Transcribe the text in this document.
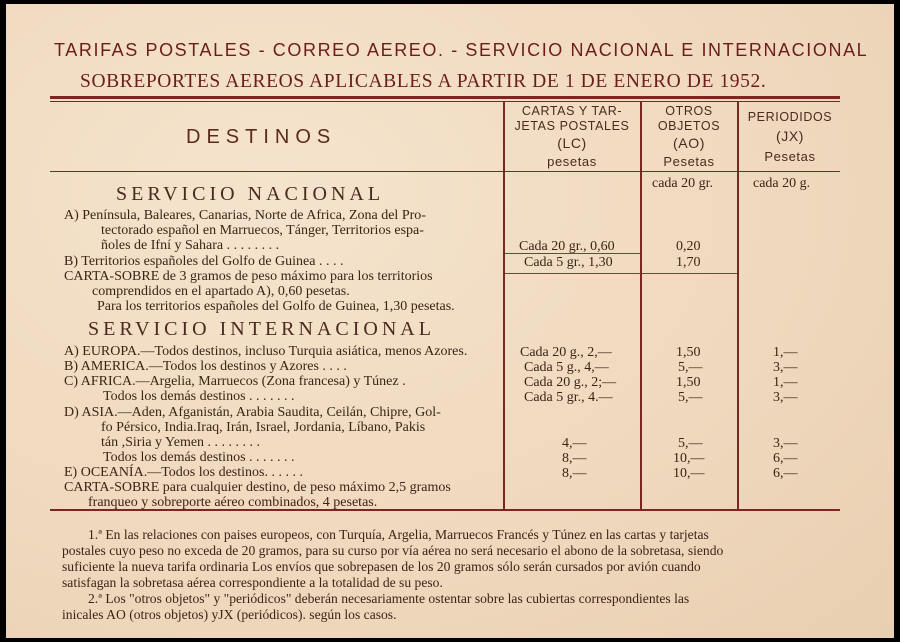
TARIFAS POSTALES - CORREO AEREO. - SERVICIO NACIONAL E INTERNACIONAL
SOBREPORTES AEREOS APLICABLES A PARTIR DE 1 DE ENERO DE 1952.
DESTINOS
CARTAS Y TAR-
JETAS POSTALES
(LC)
pesetas
OTROS
OBJETOS
(AO)
Pesetas
PERIODIDOS
(JX)
Pesetas
cada 20 gr.	cada 20 g.
SERVICIO NACIONAL
A) Península, Baleares, Canarias, Norte de Africa, Zona del Pro-
tectorado español en Marruecos, Tánger, Territorios espa-
ñoles de Ifní y Sahara . . . . . . . .
B) Territorios españoles del Golfo de Guinea . . . .
CARTA-SOBRE de 3 gramos de peso máximo para los territorios
comprendidos en el apartado A), 0,60 pesetas.
Para los territorios españoles del Golfo de Guinea, 1,30 pesetas.
Cada 20 gr., 0,60
Cada 5 gr., 1,30
0,20
1,70
SERVICIO INTERNACIONAL
A) EUROPA.—Todos destinos, incluso Turquia asiática, menos Azores.
B) AMERICA.—Todos los destinos y Azores . . . .
C) AFRICA.—Argelia, Marruecos (Zona francesa) y Túnez .
Todos los demás destinos . . . . . . .
D) ASIA.—Aden, Afganistán, Arabia Saudita, Ceilán, Chipre, Gol-
fo Pérsico, India.Iraq, Irán, Israel, Jordania, Líbano, Pakis
tán ,Siria y Yemen . . . . . . . .
Todos los demás destinos . . . . . . .
E) OCEANÍA.—Todos los destinos. . . . . .
CARTA-SOBRE para cualquier destino, de peso máximo 2,5 gramos
franqueo y sobreporte aéreo combinados, 4 pesetas.
Cada 20 g., 2,—
Cada 5 g., 4,—
Cada 20 g., 2;—
Cada 5 gr., 4.—
4,—
8,—
8,—
1,50
5,—
1,50
5,—
5,—
10,—
10,—
1,—
3,—
1,—
3,—
3,—
6,—
6,—
1.ª En las relaciones con paises europeos, con Turquía, Argelia, Marruecos Francés y Túnez en las cartas y tarjetas
postales cuyo peso no exceda de 20 gramos, para su curso por vía aérea no será necesario el abono de la sobretasa, siendo
suficiente la nueva tarifa ordinaria Los envíos que sobrepasen de los 20 gramos sólo serán cursados por avión cuando
satisfagan la sobretasa aérea correspondiente a la totalidad de su peso.
2.ª Los "otros objetos" y "periódicos" deberán necesariamente ostentar sobre las cubiertas correspondientes las
inicales AO (otros objetos) yJX (periódicos). según los casos.
